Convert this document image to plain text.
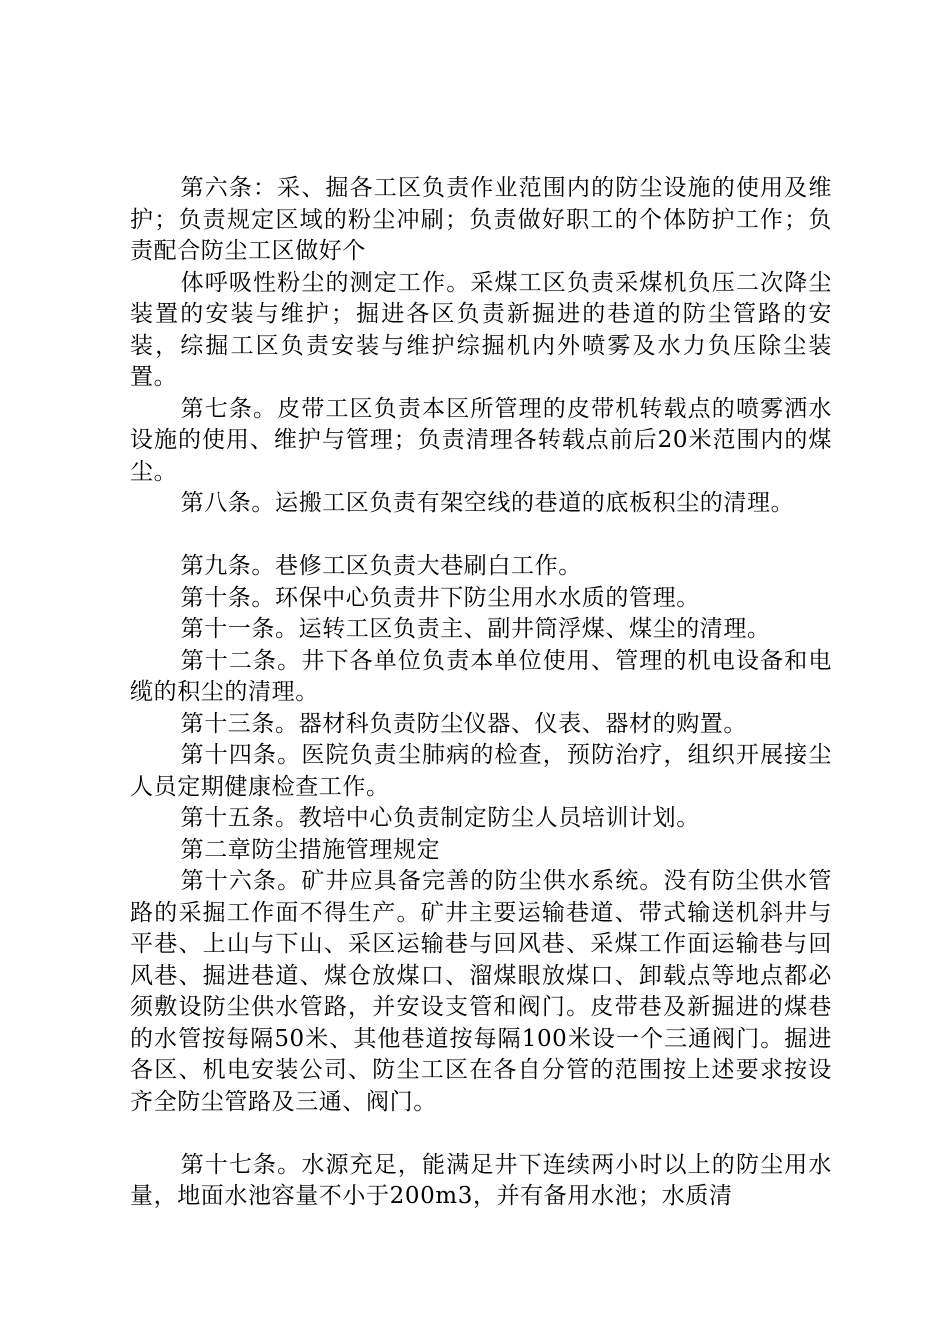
第六条：采、掘各工区负责作业范围内的防尘设施的使用及维护；负责规定区域的粉尘冲刷；负责做好职工的个体防护工作；负责配合防尘工区做好个

体呼吸性粉尘的测定工作。采煤工区负责采煤机负压二次降尘装置的安装与维护；掘进各区负责新掘进的巷道的防尘管路的安装，综掘工区负责安装与维护综掘机内外喷雾及水力负压除尘装置。

第七条。皮带工区负责本区所管理的皮带机转载点的喷雾洒水设施的使用、维护与管理；负责清理各转载点前后20米范围内的煤尘。

第八条。运搬工区负责有架空线的巷道的底板积尘的清理。

第九条。巷修工区负责大巷刷白工作。

第十条。环保中心负责井下防尘用水水质的管理。

第十一条。运转工区负责主、副井筒浮煤、煤尘的清理。

第十二条。井下各单位负责本单位使用、管理的机电设备和电缆的积尘的清理。

第十三条。器材科负责防尘仪器、仪表、器材的购置。

第十四条。医院负责尘肺病的检查，预防治疗，组织开展接尘人员定期健康检查工作。

第十五条。教培中心负责制定防尘人员培训计划。

第二章防尘措施管理规定

第十六条。矿井应具备完善的防尘供水系统。没有防尘供水管路的采掘工作面不得生产。矿井主要运输巷道、带式输送机斜井与平巷、上山与下山、采区运输巷与回风巷、采煤工作面运输巷与回风巷、掘进巷道、煤仓放煤口、溜煤眼放煤口、卸载点等地点都必须敷设防尘供水管路，并安设支管和阀门。皮带巷及新掘进的煤巷的水管按每隔50米、其他巷道按每隔100米设一个三通阀门。掘进各区、机电安装公司、防尘工区在各自分管的范围按上述要求按设齐全防尘管路及三通、阀门。

第十七条。水源充足，能满足井下连续两小时以上的防尘用水量，地面水池容量不小于200m3，并有备用水池；水质清
